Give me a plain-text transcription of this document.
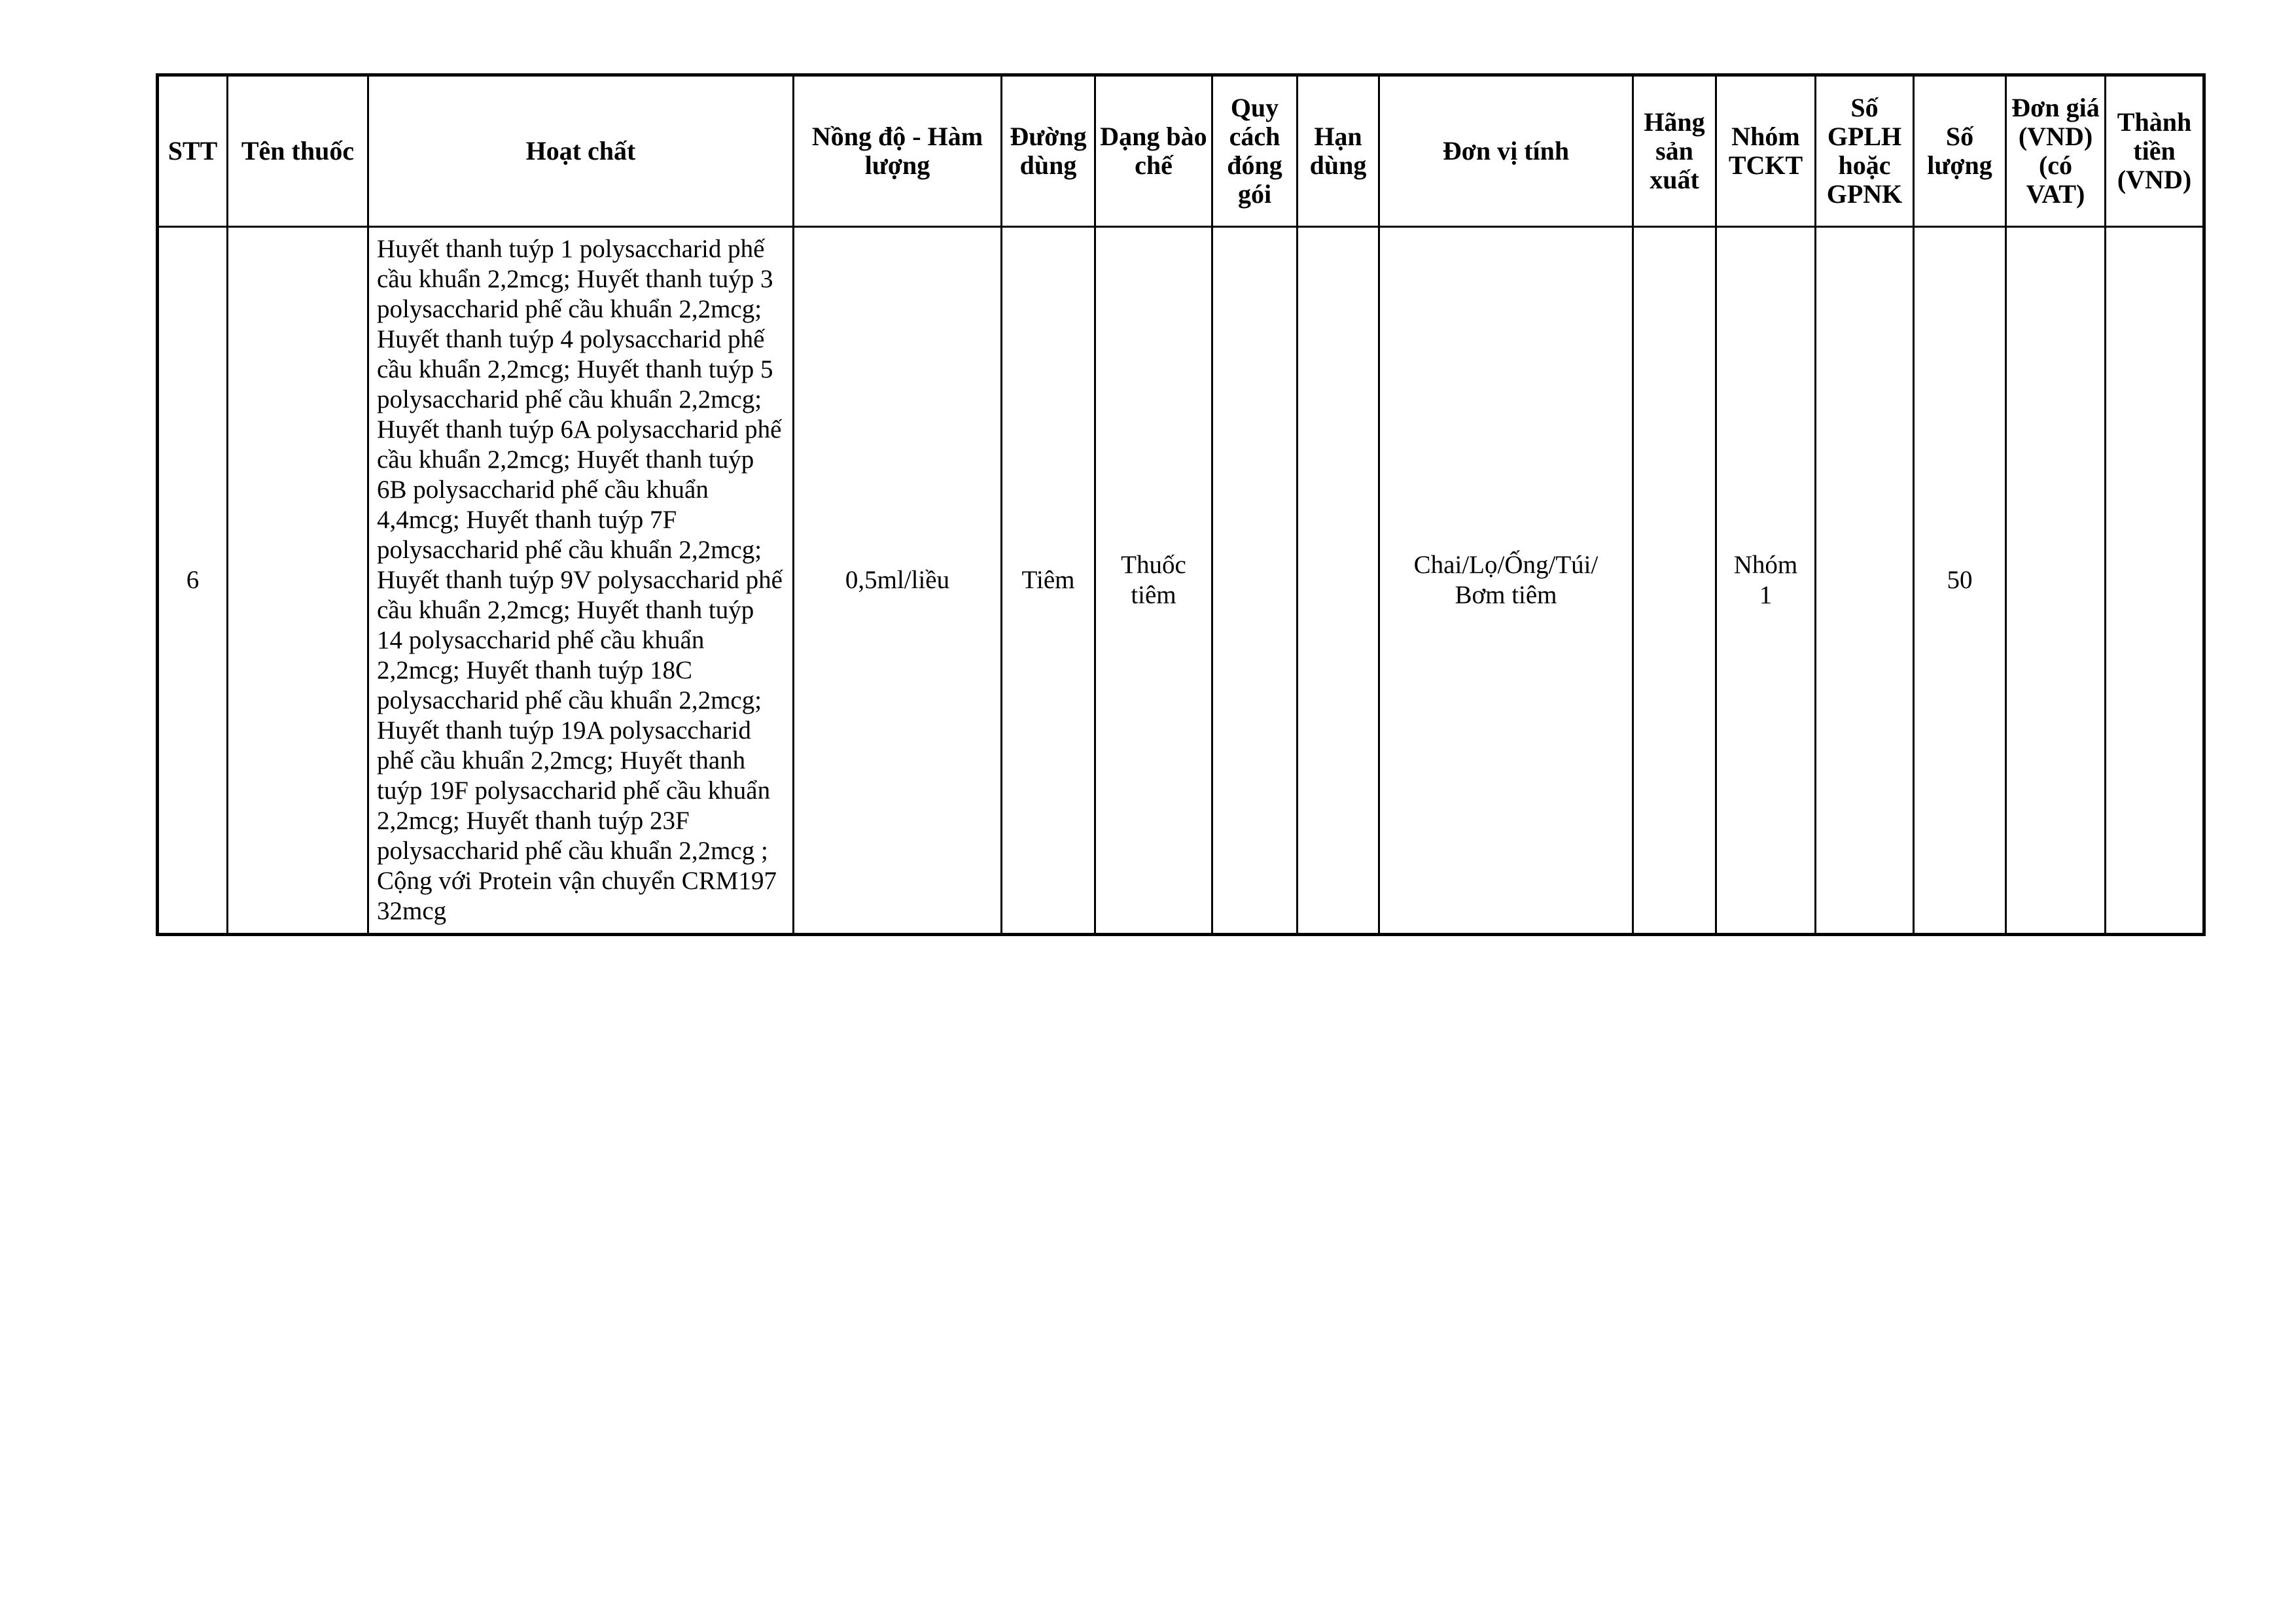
STT	Tên thuốc	Hoạt chất	Nồng độ - Hàm lượng	Đường dùng	Dạng bào chế	Quy cách đóng gói	Hạn dùng	Đơn vị tính	Hãng sản xuất	Nhóm TCKT	Số GPLH hoặc GPNK	Số lượng	Đơn giá (VND) (có VAT)	Thành tiền (VND)
6		Huyết thanh tuýp 1 polysaccharid phế cầu khuẩn 2,2mcg; Huyết thanh tuýp 3 polysaccharid phế cầu khuẩn 2,2mcg; Huyết thanh tuýp 4 polysaccharid phế cầu khuẩn 2,2mcg; Huyết thanh tuýp 5 polysaccharid phế cầu khuẩn 2,2mcg; Huyết thanh tuýp 6A polysaccharid phế cầu khuẩn 2,2mcg; Huyết thanh tuýp 6B polysaccharid phế cầu khuẩn 4,4mcg; Huyết thanh tuýp 7F polysaccharid phế cầu khuẩn 2,2mcg; Huyết thanh tuýp 9V polysaccharid phế cầu khuẩn 2,2mcg; Huyết thanh tuýp 14 polysaccharid phế cầu khuẩn 2,2mcg; Huyết thanh tuýp 18C polysaccharid phế cầu khuẩn 2,2mcg; Huyết thanh tuýp 19A polysaccharid phế cầu khuẩn 2,2mcg; Huyết thanh tuýp 19F polysaccharid phế cầu khuẩn 2,2mcg; Huyết thanh tuýp 23F polysaccharid phế cầu khuẩn 2,2mcg ; Cộng với Protein vận chuyển CRM197 32mcg	0,5ml/liều	Tiêm	Thuốc tiêm			Chai/Lọ/Ống/Túi/ Bơm tiêm		Nhóm 1		50		
